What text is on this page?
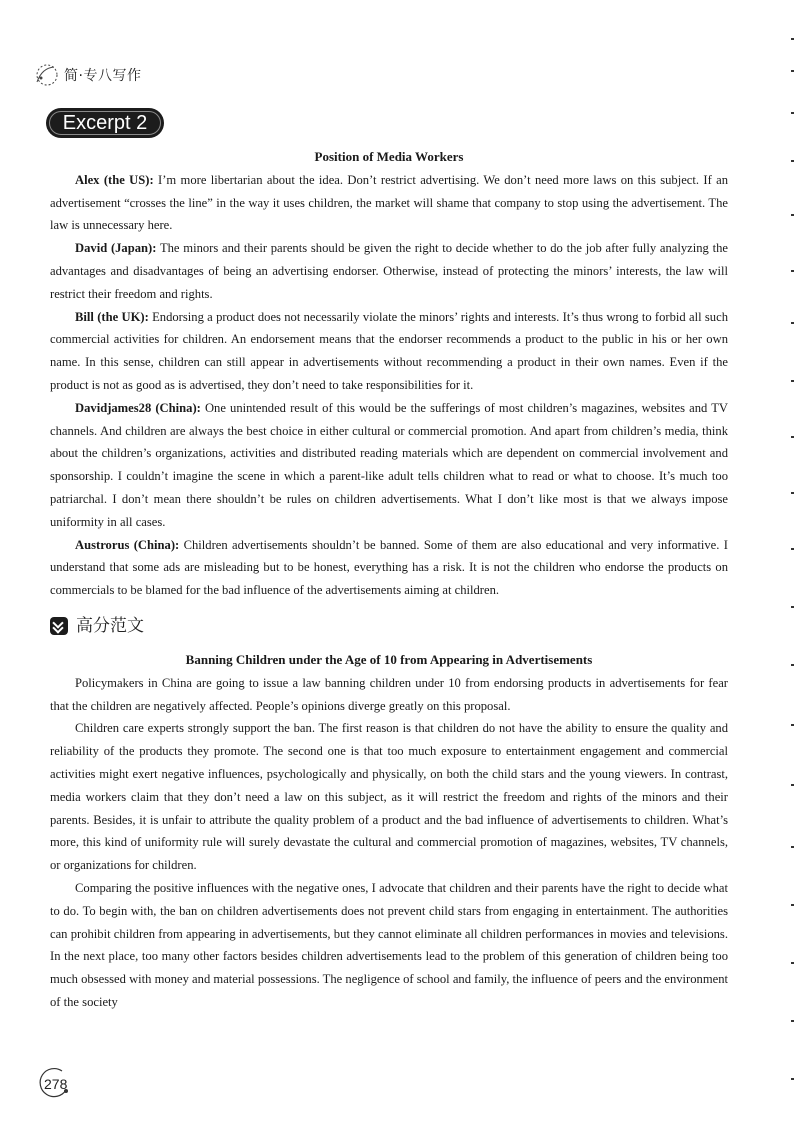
简·专八写作
Excerpt 2

Position of Media Workers

Alex (the US): I’m more libertarian about the idea. Don’t restrict advertising. We don’t need more laws on this subject. If an advertisement “crosses the line” in the way it uses children, the market will shame that company to stop using the advertisement. The law is unnecessary here.

David (Japan): The minors and their parents should be given the right to decide whether to do the job after fully analyzing the advantages and disadvantages of being an advertising endorser. Otherwise, instead of protecting the minors’ interests, the law will restrict their freedom and rights.

Bill (the UK): Endorsing a product does not necessarily violate the minors’ rights and interests. It’s thus wrong to forbid all such commercial activities for children. An endorsement means that the endorser recommends a product to the public in his or her own name. In this sense, children can still appear in advertisements without recommending a product in their own names. Even if the product is not as good as is advertised, they don’t need to take responsibilities for it.

Davidjames28 (China): One unintended result of this would be the sufferings of most children’s magazines, websites and TV channels. And children are always the best choice in either cultural or commercial promotion. And apart from children’s media, think about the children’s organizations, activities and distributed reading materials which are dependent on commercial involvement and sponsorship. I couldn’t imagine the scene in which a parent-like adult tells children what to read or what to choose. It’s much too patriarchal. I don’t mean there shouldn’t be rules on children advertisements. What I don’t like most is that we always impose uniformity in all cases.

Austrorus (China): Children advertisements shouldn’t be banned. Some of them are also educational and very informative. I understand that some ads are misleading but to be honest, everything has a risk. It is not the children who endorse the products on commercials to be blamed for the bad influence of the advertisements aiming at children.

高分范文

Banning Children under the Age of 10 from Appearing in Advertisements

Policymakers in China are going to issue a law banning children under 10 from endorsing products in advertisements for fear that the children are negatively affected. People’s opinions diverge greatly on this proposal.

Children care experts strongly support the ban. The first reason is that children do not have the ability to ensure the quality and reliability of the products they promote. The second one is that too much exposure to entertainment engagement and commercial activities might exert negative influences, psychologically and physically, on both the child stars and the young viewers. In contrast, media workers claim that they don’t need a law on this subject, as it will restrict the freedom and rights of the minors and their parents. Besides, it is unfair to attribute the quality problem of a product and the bad influence of advertisements to children. What’s more, this kind of uniformity rule will surely devastate the cultural and commercial promotion of magazines, websites, TV channels, or organizations for children.

Comparing the positive influences with the negative ones, I advocate that children and their parents have the right to decide what to do. To begin with, the ban on children advertisements does not prevent child stars from engaging in entertainment. The authorities can prohibit children from appearing in advertisements, but they cannot eliminate all children performances in movies and televisions. In the next place, too many other factors besides children advertisements lead to the problem of this generation of children being too much obsessed with money and material possessions. The negligence of school and family, the influence of peers and the environment of the society

278
